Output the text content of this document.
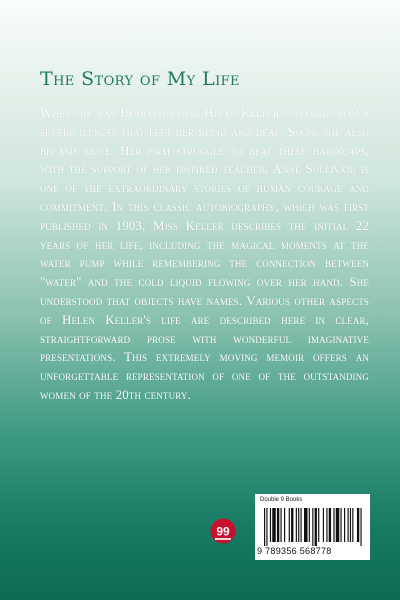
The Story of My Life

When she was 19 months old, Helen Keller suffered from a severe illness that left her blind and deaf. Soon, she also became mute. Her firm struggle to beat these handicaps, with the support of her inspired teacher, Anne Sullivan, is one of the extraordinary stories of human courage and commitment. In this classic autobiography, which was first published in 1903, Miss Keller describes the initial 22 years of her life, including the magical moments at the water pump while remembering the connection between "water" and the cold liquid flowing over her hand. She understood that objects have names. Various other aspects of Helen Keller's life are described here in clear, straightforward prose with wonderful imaginative presentations. This extremely moving memoir offers an unforgettable representation of one of the outstanding women of the 20th century.

99
Double 9 Books
9 789356 568778
